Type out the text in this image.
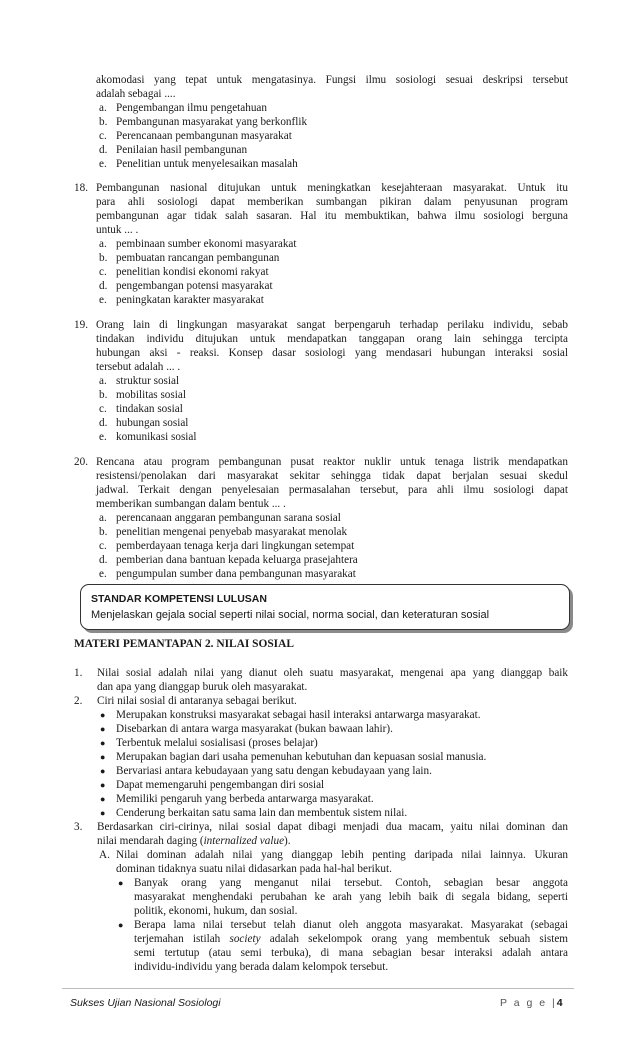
akomodasi yang tepat untuk mengatasinya. Fungsi ilmu sosiologi sesuai deskripsi tersebut
adalah sebagai ....
a. Pengembangan ilmu pengetahuan
b. Pembangunan masyarakat yang berkonflik
c. Perencanaan pembangunan masyarakat
d. Penilaian hasil pembangunan
e. Penelitian untuk menyelesaikan masalah
18. Pembangunan nasional ditujukan untuk meningkatkan kesejahteraan masyarakat. Untuk itu
para ahli sosiologi dapat memberikan sumbangan pikiran dalam penyusunan program
pembangunan agar tidak salah sasaran. Hal itu membuktikan, bahwa ilmu sosiologi berguna
untuk ... .
a. pembinaan sumber ekonomi masyarakat
b. pembuatan rancangan pembangunan
c. penelitian kondisi ekonomi rakyat
d. pengembangan potensi masyarakat
e. peningkatan karakter masyarakat
19. Orang lain di lingkungan masyarakat sangat berpengaruh terhadap perilaku individu, sebab
tindakan individu ditujukan untuk mendapatkan tanggapan orang lain sehingga tercipta
hubungan aksi - reaksi. Konsep dasar sosiologi yang mendasari hubungan interaksi sosial
tersebut adalah ... .
a. struktur sosial
b. mobilitas sosial
c. tindakan sosial
d. hubungan sosial
e. komunikasi sosial
20. Rencana atau program pembangunan pusat reaktor nuklir untuk tenaga listrik mendapatkan
resistensi/penolakan dari masyarakat sekitar sehingga tidak dapat berjalan sesuai skedul
jadwal. Terkait dengan penyelesaian permasalahan tersebut, para ahli ilmu sosiologi dapat
memberikan sumbangan dalam bentuk ... .
a. perencanaan anggaran pembangunan sarana sosial
b. penelitian mengenai penyebab masyarakat menolak
c. pemberdayaan tenaga kerja dari lingkungan setempat
d. pemberian dana bantuan kepada keluarga prasejahtera
e. pengumpulan sumber dana pembangunan masyarakat
STANDAR KOMPETENSI LULUSAN
Menjelaskan gejala social seperti nilai social, norma social, dan keteraturan sosial
MATERI PEMANTAPAN 2. NILAI SOSIAL
1. Nilai sosial adalah nilai yang dianut oleh suatu masyarakat, mengenai apa yang dianggap baik
dan apa yang dianggap buruk oleh masyarakat.
2. Ciri nilai sosial di antaranya sebagai berikut.
● Merupakan konstruksi masyarakat sebagai hasil interaksi antarwarga masyarakat.
● Disebarkan di antara warga masyarakat (bukan bawaan lahir).
● Terbentuk melalui sosialisasi (proses belajar)
● Merupakan bagian dari usaha pemenuhan kebutuhan dan kepuasan sosial manusia.
● Bervariasi antara kebudayaan yang satu dengan kebudayaan yang lain.
● Dapat memengaruhi pengembangan diri sosial
● Memiliki pengaruh yang berbeda antarwarga masyarakat.
● Cenderung berkaitan satu sama lain dan membentuk sistem nilai.
3. Berdasarkan ciri-cirinya, nilai sosial dapat dibagi menjadi dua macam, yaitu nilai dominan dan
nilai mendarah daging (internalized value).
A. Nilai dominan adalah nilai yang dianggap lebih penting daripada nilai lainnya. Ukuran
dominan tidaknya suatu nilai didasarkan pada hal-hal berikut.
● Banyak orang yang menganut nilai tersebut. Contoh, sebagian besar anggota
masyarakat menghendaki perubahan ke arah yang lebih baik di segala bidang, seperti
politik, ekonomi, hukum, dan sosial.
● Berapa lama nilai tersebut telah dianut oleh anggota masyarakat. Masyarakat (sebagai
terjemahan istilah society adalah sekelompok orang yang membentuk sebuah sistem
semi tertutup (atau semi terbuka), di mana sebagian besar interaksi adalah antara
individu-individu yang berada dalam kelompok tersebut.
Sukses Ujian Nasional Sosiologi	P a g e |4
